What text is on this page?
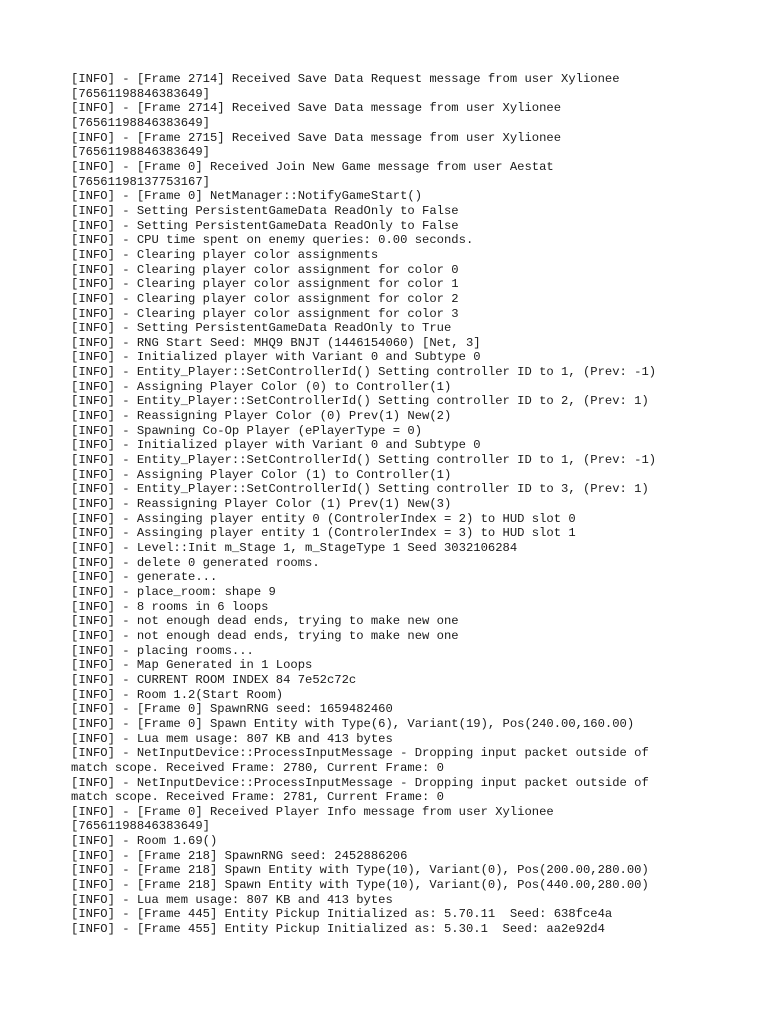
[INFO] - [Frame 2714] Received Save Data Request message from user Xylionee
[76561198846383649]
[INFO] - [Frame 2714] Received Save Data message from user Xylionee
[76561198846383649]
[INFO] - [Frame 2715] Received Save Data message from user Xylionee
[76561198846383649]
[INFO] - [Frame 0] Received Join New Game message from user Aestat
[76561198137753167]
[INFO] - [Frame 0] NetManager::NotifyGameStart()
[INFO] - Setting PersistentGameData ReadOnly to False
[INFO] - Setting PersistentGameData ReadOnly to False
[INFO] - CPU time spent on enemy queries: 0.00 seconds.
[INFO] - Clearing player color assignments
[INFO] - Clearing player color assignment for color 0
[INFO] - Clearing player color assignment for color 1
[INFO] - Clearing player color assignment for color 2
[INFO] - Clearing player color assignment for color 3
[INFO] - Setting PersistentGameData ReadOnly to True
[INFO] - RNG Start Seed: MHQ9 BNJT (1446154060) [Net, 3]
[INFO] - Initialized player with Variant 0 and Subtype 0
[INFO] - Entity_Player::SetControllerId() Setting controller ID to 1, (Prev: -1)
[INFO] - Assigning Player Color (0) to Controller(1)
[INFO] - Entity_Player::SetControllerId() Setting controller ID to 2, (Prev: 1)
[INFO] - Reassigning Player Color (0) Prev(1) New(2)
[INFO] - Spawning Co-Op Player (ePlayerType = 0)
[INFO] - Initialized player with Variant 0 and Subtype 0
[INFO] - Entity_Player::SetControllerId() Setting controller ID to 1, (Prev: -1)
[INFO] - Assigning Player Color (1) to Controller(1)
[INFO] - Entity_Player::SetControllerId() Setting controller ID to 3, (Prev: 1)
[INFO] - Reassigning Player Color (1) Prev(1) New(3)
[INFO] - Assinging player entity 0 (ControlerIndex = 2) to HUD slot 0
[INFO] - Assinging player entity 1 (ControlerIndex = 3) to HUD slot 1
[INFO] - Level::Init m_Stage 1, m_StageType 1 Seed 3032106284
[INFO] - delete 0 generated rooms.
[INFO] - generate...
[INFO] - place_room: shape 9
[INFO] - 8 rooms in 6 loops
[INFO] - not enough dead ends, trying to make new one
[INFO] - not enough dead ends, trying to make new one
[INFO] - placing rooms...
[INFO] - Map Generated in 1 Loops
[INFO] - CURRENT ROOM INDEX 84 7e52c72c
[INFO] - Room 1.2(Start Room)
[INFO] - [Frame 0] SpawnRNG seed: 1659482460
[INFO] - [Frame 0] Spawn Entity with Type(6), Variant(19), Pos(240.00,160.00)
[INFO] - Lua mem usage: 807 KB and 413 bytes
[INFO] - NetInputDevice::ProcessInputMessage - Dropping input packet outside of
match scope. Received Frame: 2780, Current Frame: 0
[INFO] - NetInputDevice::ProcessInputMessage - Dropping input packet outside of
match scope. Received Frame: 2781, Current Frame: 0
[INFO] - [Frame 0] Received Player Info message from user Xylionee
[76561198846383649]
[INFO] - Room 1.69()
[INFO] - [Frame 218] SpawnRNG seed: 2452886206
[INFO] - [Frame 218] Spawn Entity with Type(10), Variant(0), Pos(200.00,280.00)
[INFO] - [Frame 218] Spawn Entity with Type(10), Variant(0), Pos(440.00,280.00)
[INFO] - Lua mem usage: 807 KB and 413 bytes
[INFO] - [Frame 445] Entity Pickup Initialized as: 5.70.11  Seed: 638fce4a
[INFO] - [Frame 455] Entity Pickup Initialized as: 5.30.1  Seed: aa2e92d4
